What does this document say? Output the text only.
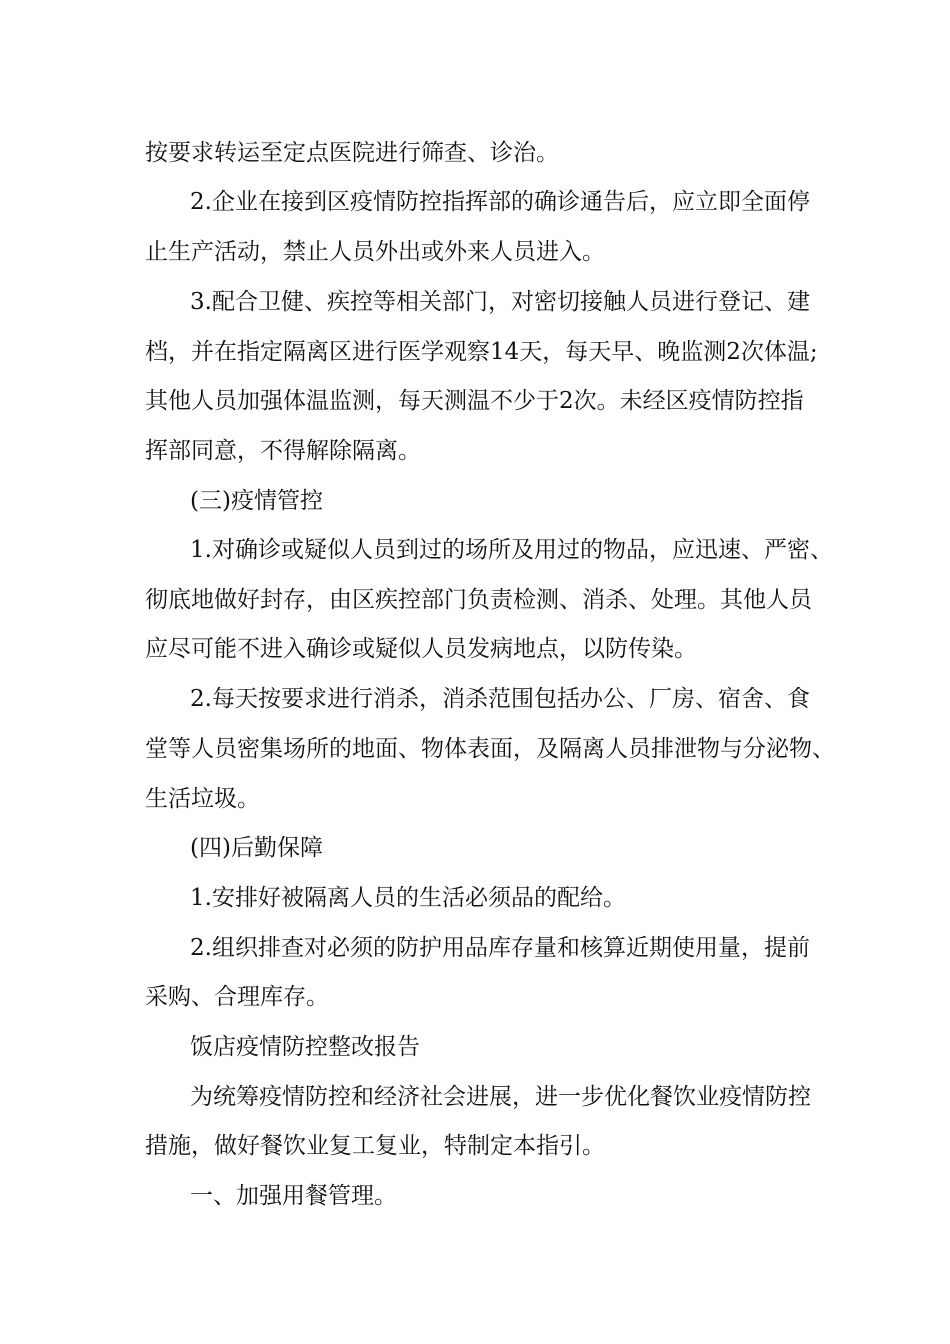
按要求转运至定点医院进行筛查、诊治。
2.企业在接到区疫情防控指挥部的确诊通告后，应立即全面停
止生产活动，禁止人员外出或外来人员进入。
3.配合卫健、疾控等相关部门，对密切接触人员进行登记、建
档，并在指定隔离区进行医学观察14天，每天早、晚监测2次体温;
其他人员加强体温监测，每天测温不少于2次。未经区疫情防控指
挥部同意，不得解除隔离。
(三)疫情管控
1.对确诊或疑似人员到过的场所及用过的物品，应迅速、严密、
彻底地做好封存，由区疾控部门负责检测、消杀、处理。其他人员
应尽可能不进入确诊或疑似人员发病地点，以防传染。
2.每天按要求进行消杀，消杀范围包括办公、厂房、宿舍、食
堂等人员密集场所的地面、物体表面，及隔离人员排泄物与分泌物、
生活垃圾。
(四)后勤保障
1.安排好被隔离人员的生活必须品的配给。
2.组织排查对必须的防护用品库存量和核算近期使用量，提前
采购、合理库存。
饭店疫情防控整改报告
为统筹疫情防控和经济社会进展，进一步优化餐饮业疫情防控
措施，做好餐饮业复工复业，特制定本指引。
一、加强用餐管理。
